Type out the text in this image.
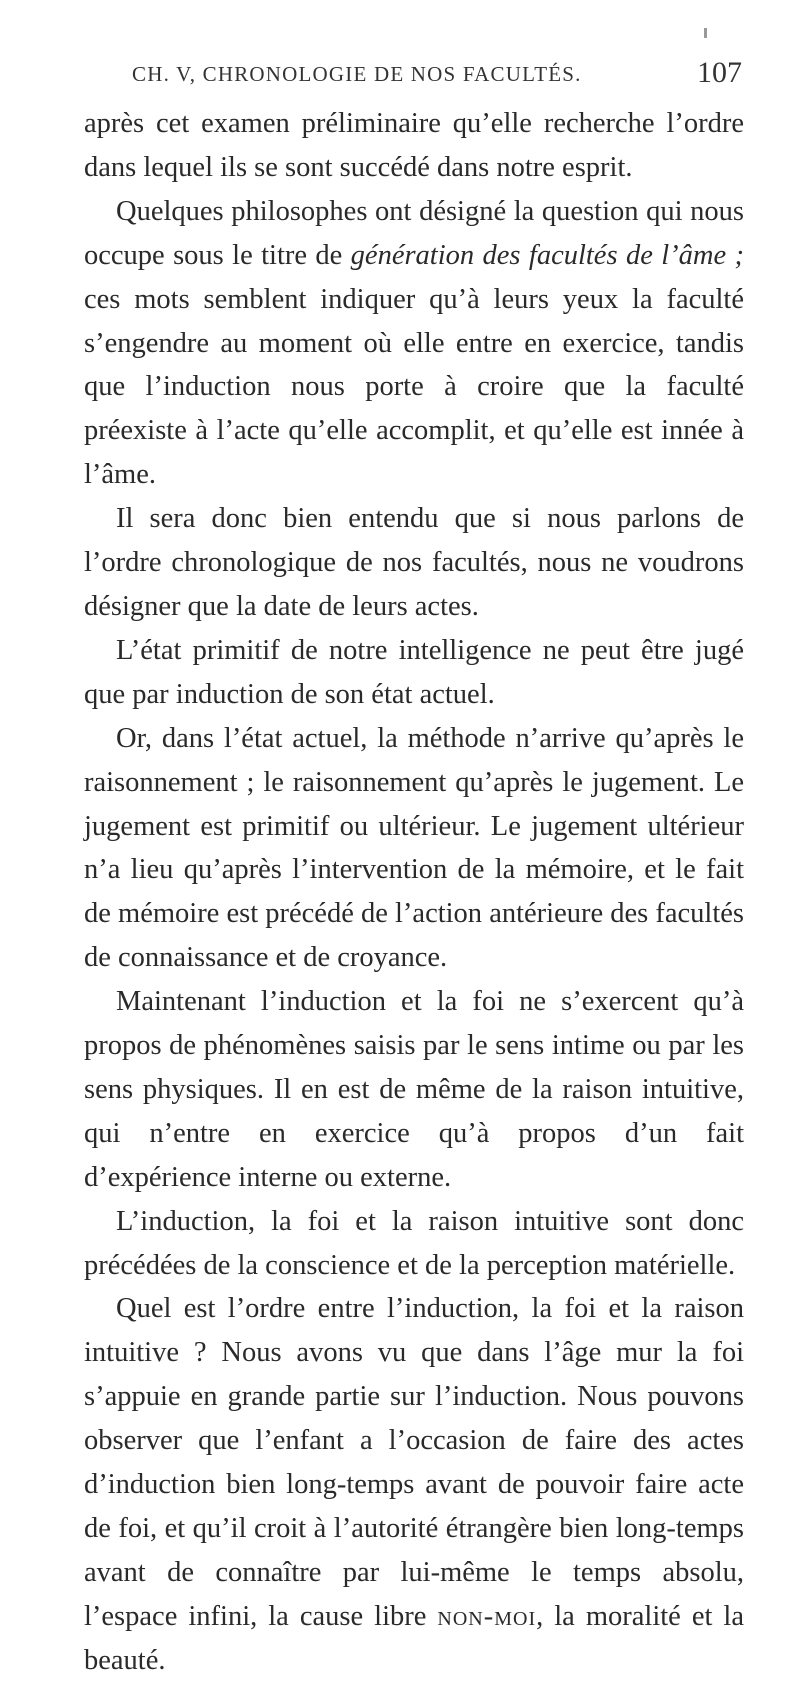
CH. V, CHRONOLOGIE DE NOS FACULTÉS.	107

après cet examen préliminaire qu’elle recherche l’ordre dans lequel ils se sont succédé dans notre esprit.

Quelques philosophes ont désigné la question qui nous occupe sous le titre de génération des facultés de l’âme ; ces mots semblent indiquer qu’à leurs yeux la faculté s’engendre au moment où elle entre en exercice, tandis que l’induction nous porte à croire que la faculté préexiste à l’acte qu’elle accomplit, et qu’elle est innée à l’âme.

Il sera donc bien entendu que si nous parlons de l’ordre chronologique de nos facultés, nous ne voudrons désigner que la date de leurs actes.

L’état primitif de notre intelligence ne peut être jugé que par induction de son état actuel.

Or, dans l’état actuel, la méthode n’arrive qu’après le raisonnement ; le raisonnement qu’après le jugement. Le jugement est primitif ou ultérieur. Le jugement ultérieur n’a lieu qu’après l’intervention de la mémoire, et le fait de mémoire est précédé de l’action antérieure des facultés de connaissance et de croyance.

Maintenant l’induction et la foi ne s’exercent qu’à propos de phénomènes saisis par le sens intime ou par les sens physiques. Il en est de même de la raison intuitive, qui n’entre en exercice qu’à propos d’un fait d’expérience interne ou externe.

L’induction, la foi et la raison intuitive sont donc précédées de la conscience et de la perception matérielle.

Quel est l’ordre entre l’induction, la foi et la raison intuitive ? Nous avons vu que dans l’âge mur la foi s’appuie en grande partie sur l’induction. Nous pouvons observer que l’enfant a l’occasion de faire des actes d’induction bien long-temps avant de pouvoir faire acte de foi, et qu’il croit à l’autorité étrangère bien long-temps avant de connaître par lui-même le temps absolu, l’espace infini, la cause libre non-moi, la moralité et la beauté.
